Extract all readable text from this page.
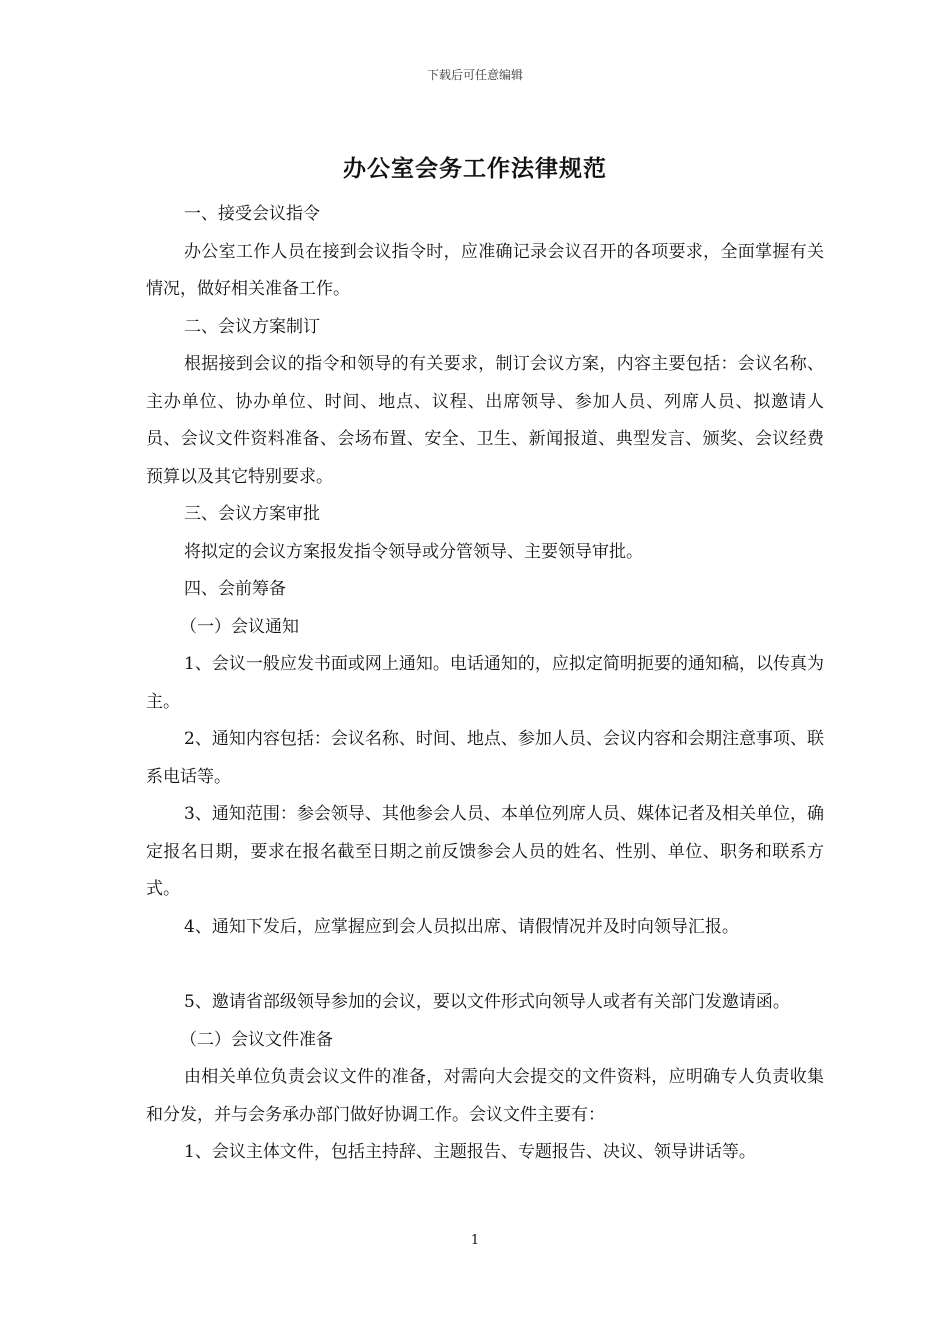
下载后可任意编辑
办公室会务工作法律规范

一、接受会议指令

办公室工作人员在接到会议指令时，应准确记录会议召开的各项要求，全面掌握有关情况，做好相关准备工作。

二、会议方案制订

根据接到会议的指令和领导的有关要求，制订会议方案，内容主要包括：会议名称、主办单位、协办单位、时间、地点、议程、出席领导、参加人员、列席人员、拟邀请人员、会议文件资料准备、会场布置、安全、卫生、新闻报道、典型发言、颁奖、会议经费预算以及其它特别要求。

三、会议方案审批

将拟定的会议方案报发指令领导或分管领导、主要领导审批。

四、会前筹备

（一）会议通知

1、会议一般应发书面或网上通知。电话通知的，应拟定简明扼要的通知稿，以传真为主。

2、通知内容包括：会议名称、时间、地点、参加人员、会议内容和会期注意事项、联系电话等。

3、通知范围：参会领导、其他参会人员、本单位列席人员、媒体记者及相关单位，确定报名日期，要求在报名截至日期之前反馈参会人员的姓名、性别、单位、职务和联系方式。

4、通知下发后，应掌握应到会人员拟出席、请假情况并及时向领导汇报。

5、邀请省部级领导参加的会议，要以文件形式向领导人或者有关部门发邀请函。

（二）会议文件准备

由相关单位负责会议文件的准备，对需向大会提交的文件资料，应明确专人负责收集和分发，并与会务承办部门做好协调工作。会议文件主要有：

1、会议主体文件，包括主持辞、主题报告、专题报告、决议、领导讲话等。

1
